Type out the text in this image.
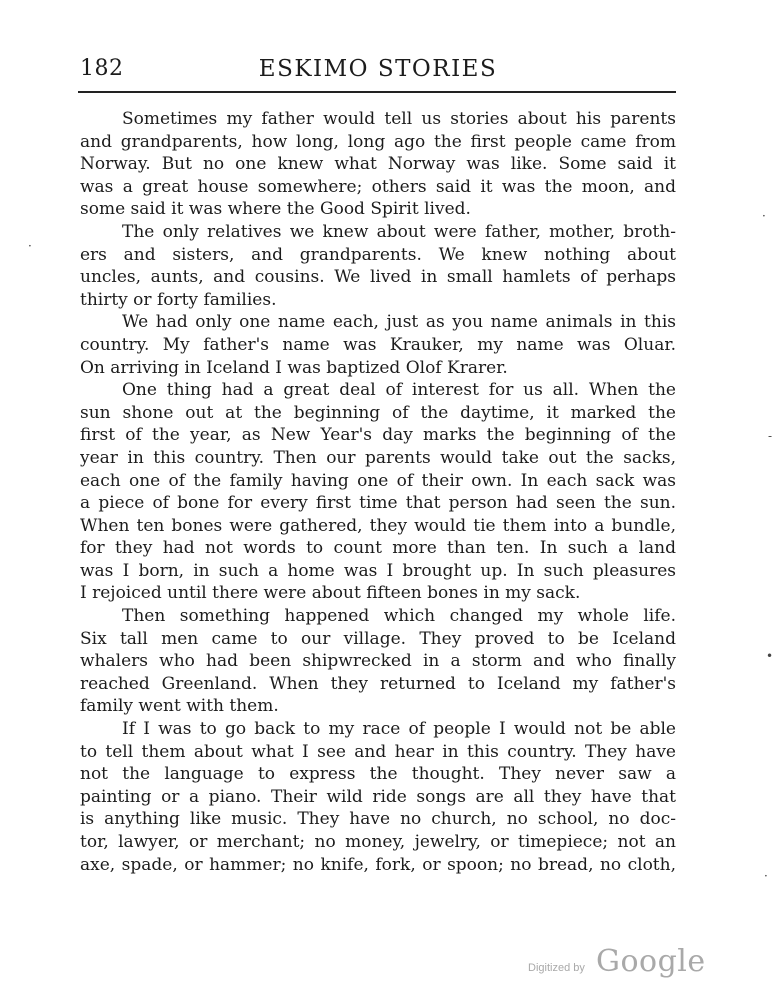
182	ESKIMO STORIES
Sometimes my father would tell us stories about his parents
and grandparents, how long, long ago the first people came from
Norway. But no one knew what Norway was like. Some said it
was a great house somewhere; others said it was the moon, and
some said it was where the Good Spirit lived.
The only relatives we knew about were father, mother, broth-
ers and sisters, and grandparents. We knew nothing about
uncles, aunts, and cousins. We lived in small hamlets of perhaps
thirty or forty families.
We had only one name each, just as you name animals in this
country. My father's name was Krauker, my name was Oluar.
On arriving in Iceland I was baptized Olof Krarer.
One thing had a great deal of interest for us all. When the
sun shone out at the beginning of the daytime, it marked the
first of the year, as New Year's day marks the beginning of the
year in this country. Then our parents would take out the sacks,
each one of the family having one of their own. In each sack was
a piece of bone for every first time that person had seen the sun.
When ten bones were gathered, they would tie them into a bundle,
for they had not words to count more than ten. In such a land
was I born, in such a home was I brought up. In such pleasures
I rejoiced until there were about fifteen bones in my sack.
Then something happened which changed my whole life.
Six tall men came to our village. They proved to be Iceland
whalers who had been shipwrecked in a storm and who finally
reached Greenland. When they returned to Iceland my father's
family went with them.
If I was to go back to my race of people I would not be able
to tell them about what I see and hear in this country. They have
not the language to express the thought. They never saw a
painting or a piano. Their wild ride songs are all they have that
is anything like music. They have no church, no school, no doc-
tor, lawyer, or merchant; no money, jewelry, or timepiece; not an
axe, spade, or hammer; no knife, fork, or spoon; no bread, no cloth,
·
-
•
·
·
Digitized by Google
